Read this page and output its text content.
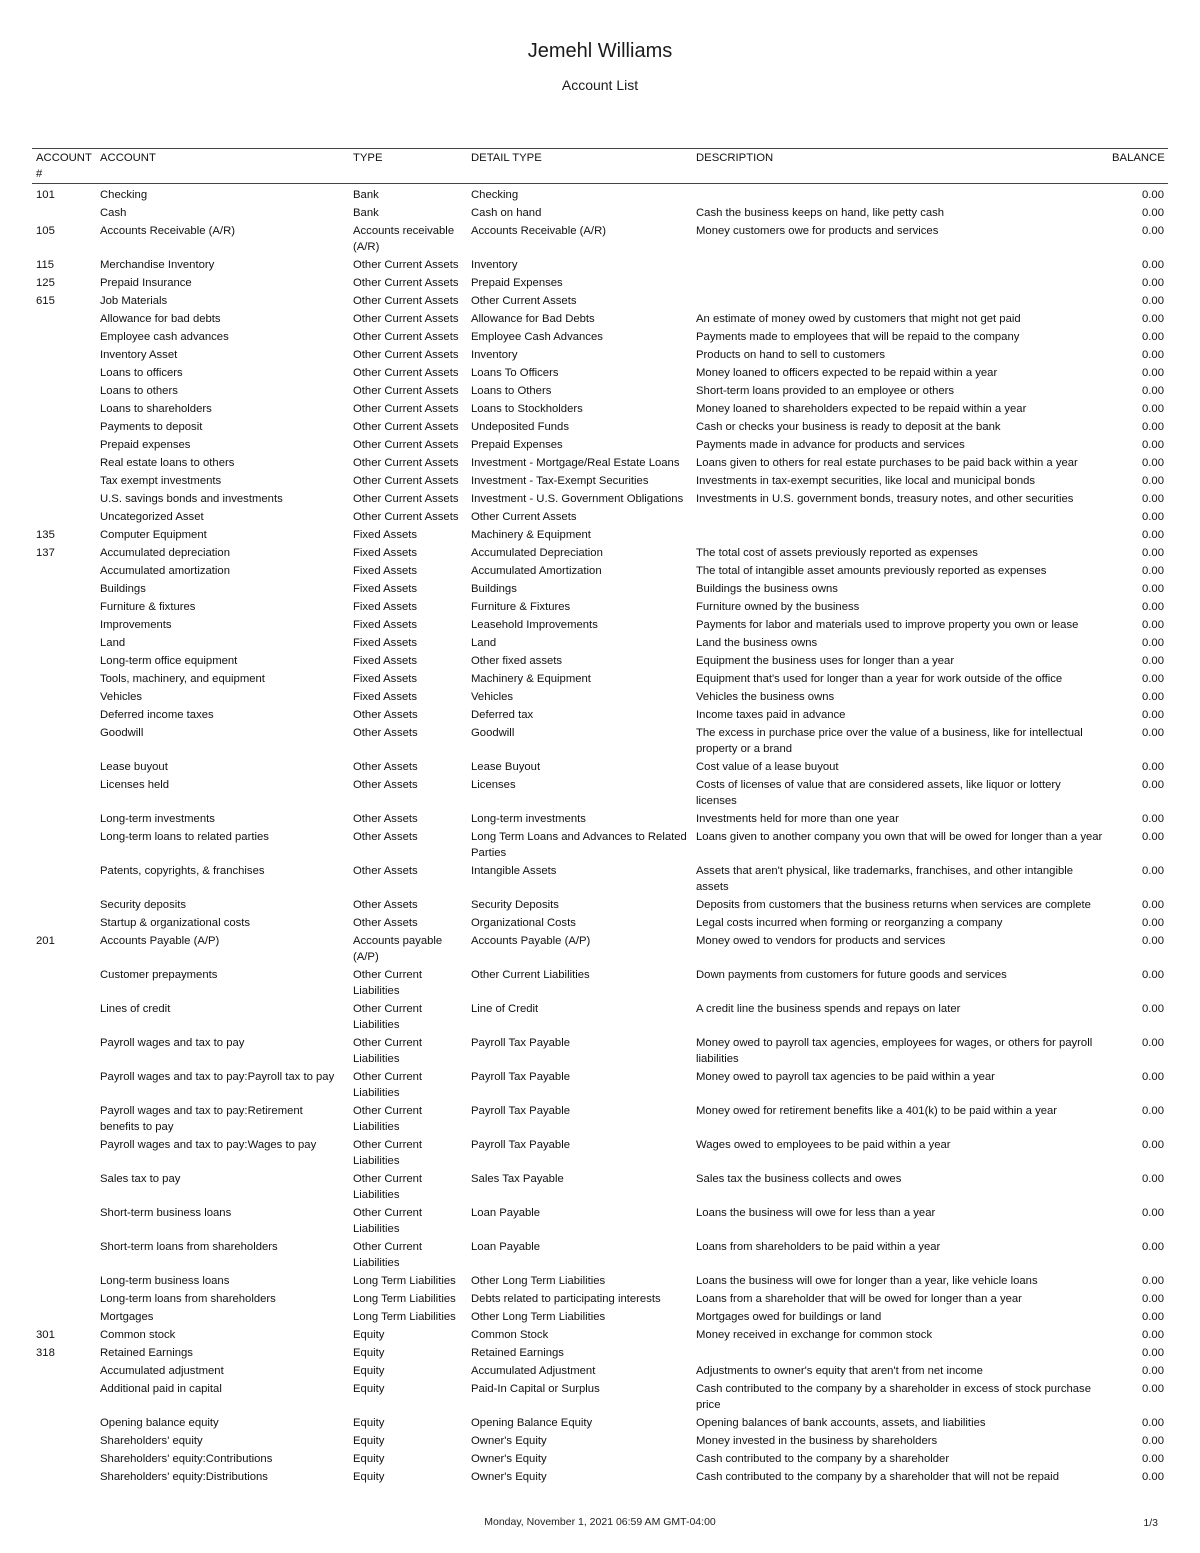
Jemehl Williams
Account List
ACCOUNT #	ACCOUNT	TYPE	DETAIL TYPE	DESCRIPTION	BALANCE
101	Checking	Bank	Checking		0.00
	Cash	Bank	Cash on hand	Cash the business keeps on hand, like petty cash	0.00
105	Accounts Receivable (A/R)	Accounts receivable (A/R)	Accounts Receivable (A/R)	Money customers owe for products and services	0.00
115	Merchandise Inventory	Other Current Assets	Inventory		0.00
125	Prepaid Insurance	Other Current Assets	Prepaid Expenses		0.00
615	Job Materials	Other Current Assets	Other Current Assets		0.00
	Allowance for bad debts	Other Current Assets	Allowance for Bad Debts	An estimate of money owed by customers that might not get paid	0.00
	Employee cash advances	Other Current Assets	Employee Cash Advances	Payments made to employees that will be repaid to the company	0.00
	Inventory Asset	Other Current Assets	Inventory	Products on hand to sell to customers	0.00
	Loans to officers	Other Current Assets	Loans To Officers	Money loaned to officers expected to be repaid within a year	0.00
	Loans to others	Other Current Assets	Loans to Others	Short-term loans provided to an employee or others	0.00
	Loans to shareholders	Other Current Assets	Loans to Stockholders	Money loaned to shareholders expected to be repaid within a year	0.00
	Payments to deposit	Other Current Assets	Undeposited Funds	Cash or checks your business is ready to deposit at the bank	0.00
	Prepaid expenses	Other Current Assets	Prepaid Expenses	Payments made in advance for products and services	0.00
	Real estate loans to others	Other Current Assets	Investment - Mortgage/Real Estate Loans	Loans given to others for real estate purchases to be paid back within a year	0.00
	Tax exempt investments	Other Current Assets	Investment - Tax-Exempt Securities	Investments in tax-exempt securities, like local and municipal bonds	0.00
	U.S. savings bonds and investments	Other Current Assets	Investment - U.S. Government Obligations	Investments in U.S. government bonds, treasury notes, and other securities	0.00
	Uncategorized Asset	Other Current Assets	Other Current Assets		0.00
135	Computer Equipment	Fixed Assets	Machinery & Equipment		0.00
137	Accumulated depreciation	Fixed Assets	Accumulated Depreciation	The total cost of assets previously reported as expenses	0.00
	Accumulated amortization	Fixed Assets	Accumulated Amortization	The total of intangible asset amounts previously reported as expenses	0.00
	Buildings	Fixed Assets	Buildings	Buildings the business owns	0.00
	Furniture & fixtures	Fixed Assets	Furniture & Fixtures	Furniture owned by the business	0.00
	Improvements	Fixed Assets	Leasehold Improvements	Payments for labor and materials used to improve property you own or lease	0.00
	Land	Fixed Assets	Land	Land the business owns	0.00
	Long-term office equipment	Fixed Assets	Other fixed assets	Equipment the business uses for longer than a year	0.00
	Tools, machinery, and equipment	Fixed Assets	Machinery & Equipment	Equipment that's used for longer than a year for work outside of the office	0.00
	Vehicles	Fixed Assets	Vehicles	Vehicles the business owns	0.00
	Deferred income taxes	Other Assets	Deferred tax	Income taxes paid in advance	0.00
	Goodwill	Other Assets	Goodwill	The excess in purchase price over the value of a business, like for intellectual property or a brand	0.00
	Lease buyout	Other Assets	Lease Buyout	Cost value of a lease buyout	0.00
	Licenses held	Other Assets	Licenses	Costs of licenses of value that are considered assets, like liquor or lottery licenses	0.00
	Long-term investments	Other Assets	Long-term investments	Investments held for more than one year	0.00
	Long-term loans to related parties	Other Assets	Long Term Loans and Advances to Related Parties	Loans given to another company you own that will be owed for longer than a year	0.00
	Patents, copyrights, & franchises	Other Assets	Intangible Assets	Assets that aren't physical, like trademarks, franchises, and other intangible assets	0.00
	Security deposits	Other Assets	Security Deposits	Deposits from customers that the business returns when services are complete	0.00
	Startup & organizational costs	Other Assets	Organizational Costs	Legal costs incurred when forming or reorganzing a company	0.00
201	Accounts Payable (A/P)	Accounts payable (A/P)	Accounts Payable (A/P)	Money owed to vendors for products and services	0.00
	Customer prepayments	Other Current Liabilities	Other Current Liabilities	Down payments from customers for future goods and services	0.00
	Lines of credit	Other Current Liabilities	Line of Credit	A credit line the business spends and repays on later	0.00
	Payroll wages and tax to pay	Other Current Liabilities	Payroll Tax Payable	Money owed to payroll tax agencies, employees for wages, or others for payroll liabilities	0.00
	Payroll wages and tax to pay:Payroll tax to pay	Other Current Liabilities	Payroll Tax Payable	Money owed to payroll tax agencies to be paid within a year	0.00
	Payroll wages and tax to pay:Retirement benefits to pay	Other Current Liabilities	Payroll Tax Payable	Money owed for retirement benefits like a 401(k) to be paid within a year	0.00
	Payroll wages and tax to pay:Wages to pay	Other Current Liabilities	Payroll Tax Payable	Wages owed to employees to be paid within a year	0.00
	Sales tax to pay	Other Current Liabilities	Sales Tax Payable	Sales tax the business collects and owes	0.00
	Short-term business loans	Other Current Liabilities	Loan Payable	Loans the business will owe for less than a year	0.00
	Short-term loans from shareholders	Other Current Liabilities	Loan Payable	Loans from shareholders to be paid within a year	0.00
	Long-term business loans	Long Term Liabilities	Other Long Term Liabilities	Loans the business will owe for longer than a year, like vehicle loans	0.00
	Long-term loans from shareholders	Long Term Liabilities	Debts related to participating interests	Loans from a shareholder that will be owed for longer than a year	0.00
	Mortgages	Long Term Liabilities	Other Long Term Liabilities	Mortgages owed for buildings or land	0.00
301	Common stock	Equity	Common Stock	Money received in exchange for common stock	0.00
318	Retained Earnings	Equity	Retained Earnings		0.00
	Accumulated adjustment	Equity	Accumulated Adjustment	Adjustments to owner's equity that aren't from net income	0.00
	Additional paid in capital	Equity	Paid-In Capital or Surplus	Cash contributed to the company by a shareholder in excess of stock purchase price	0.00
	Opening balance equity	Equity	Opening Balance Equity	Opening balances of bank accounts, assets, and liabilities	0.00
	Shareholders' equity	Equity	Owner's Equity	Money invested in the business by shareholders	0.00
	Shareholders' equity:Contributions	Equity	Owner's Equity	Cash contributed to the company by a shareholder	0.00
	Shareholders' equity:Distributions	Equity	Owner's Equity	Cash contributed to the company by a shareholder that will not be repaid	0.00
Monday, November 1, 2021 06:59 AM GMT-04:00	1/3
